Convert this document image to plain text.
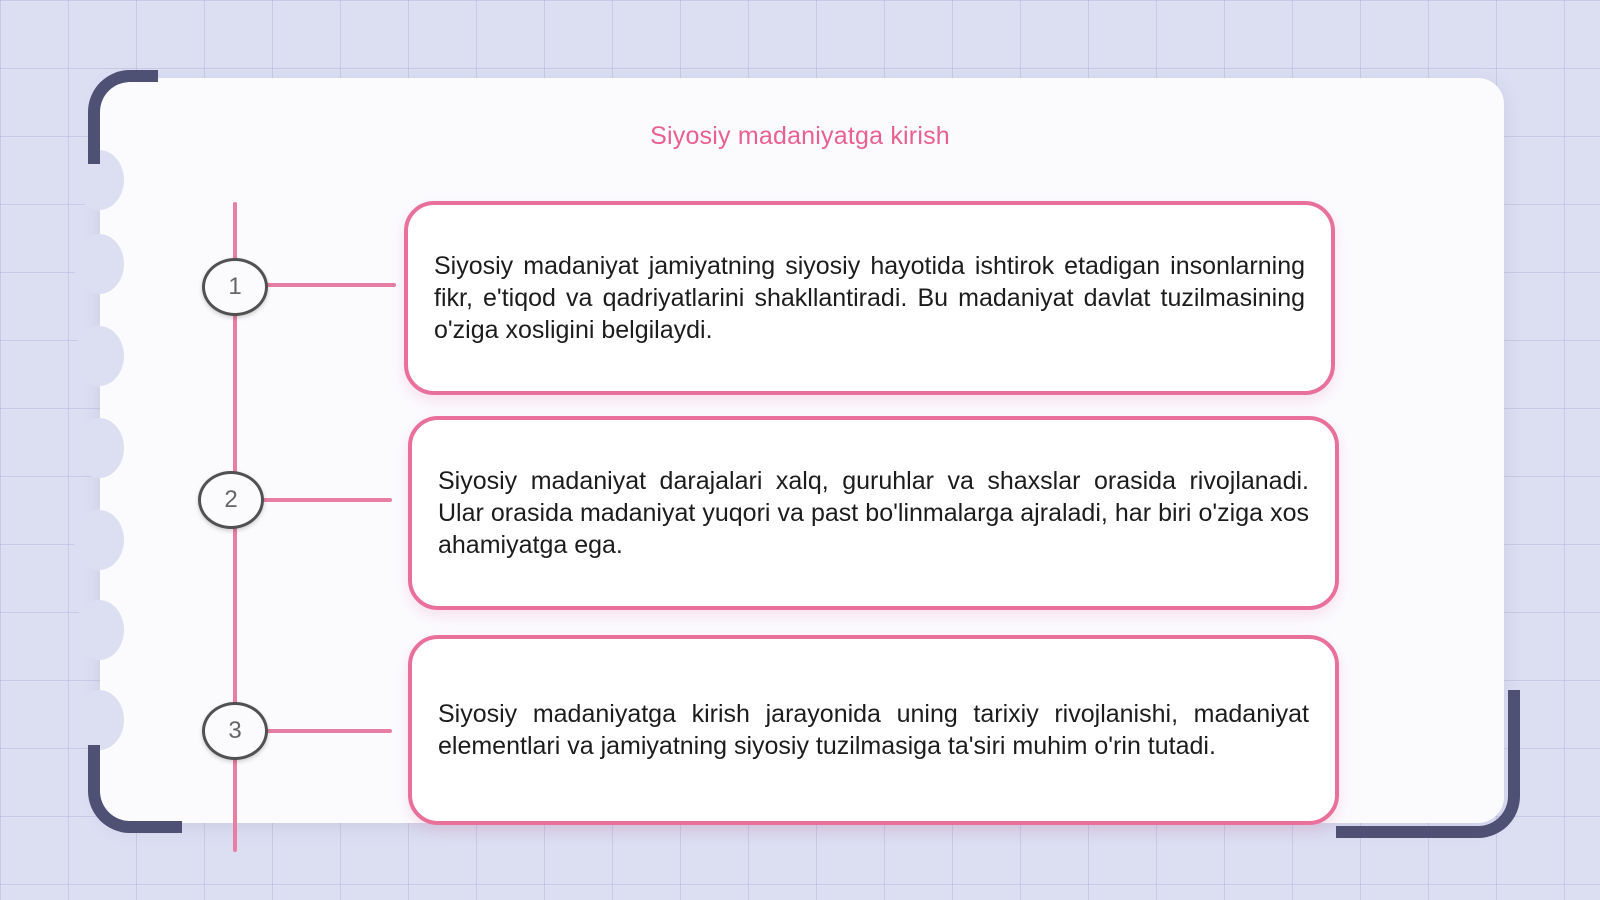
Siyosiy madaniyatga kirish
1
2
3
Siyosiy madaniyat jamiyatning siyosiy hayotida ishtirok etadigan insonlarning fikr, e'tiqod va qadriyatlarini shakllantiradi. Bu madaniyat davlat tuzilmasining o'ziga xosligini belgilaydi.
Siyosiy madaniyat darajalari xalq, guruhlar va shaxslar orasida rivojlanadi. Ular orasida madaniyat yuqori va past bo'linmalarga ajraladi, har biri o'ziga xos ahamiyatga ega.
Siyosiy madaniyatga kirish jarayonida uning tarixiy rivojlanishi, madaniyat elementlari va jamiyatning siyosiy tuzilmasiga ta'siri muhim o'rin tutadi.
